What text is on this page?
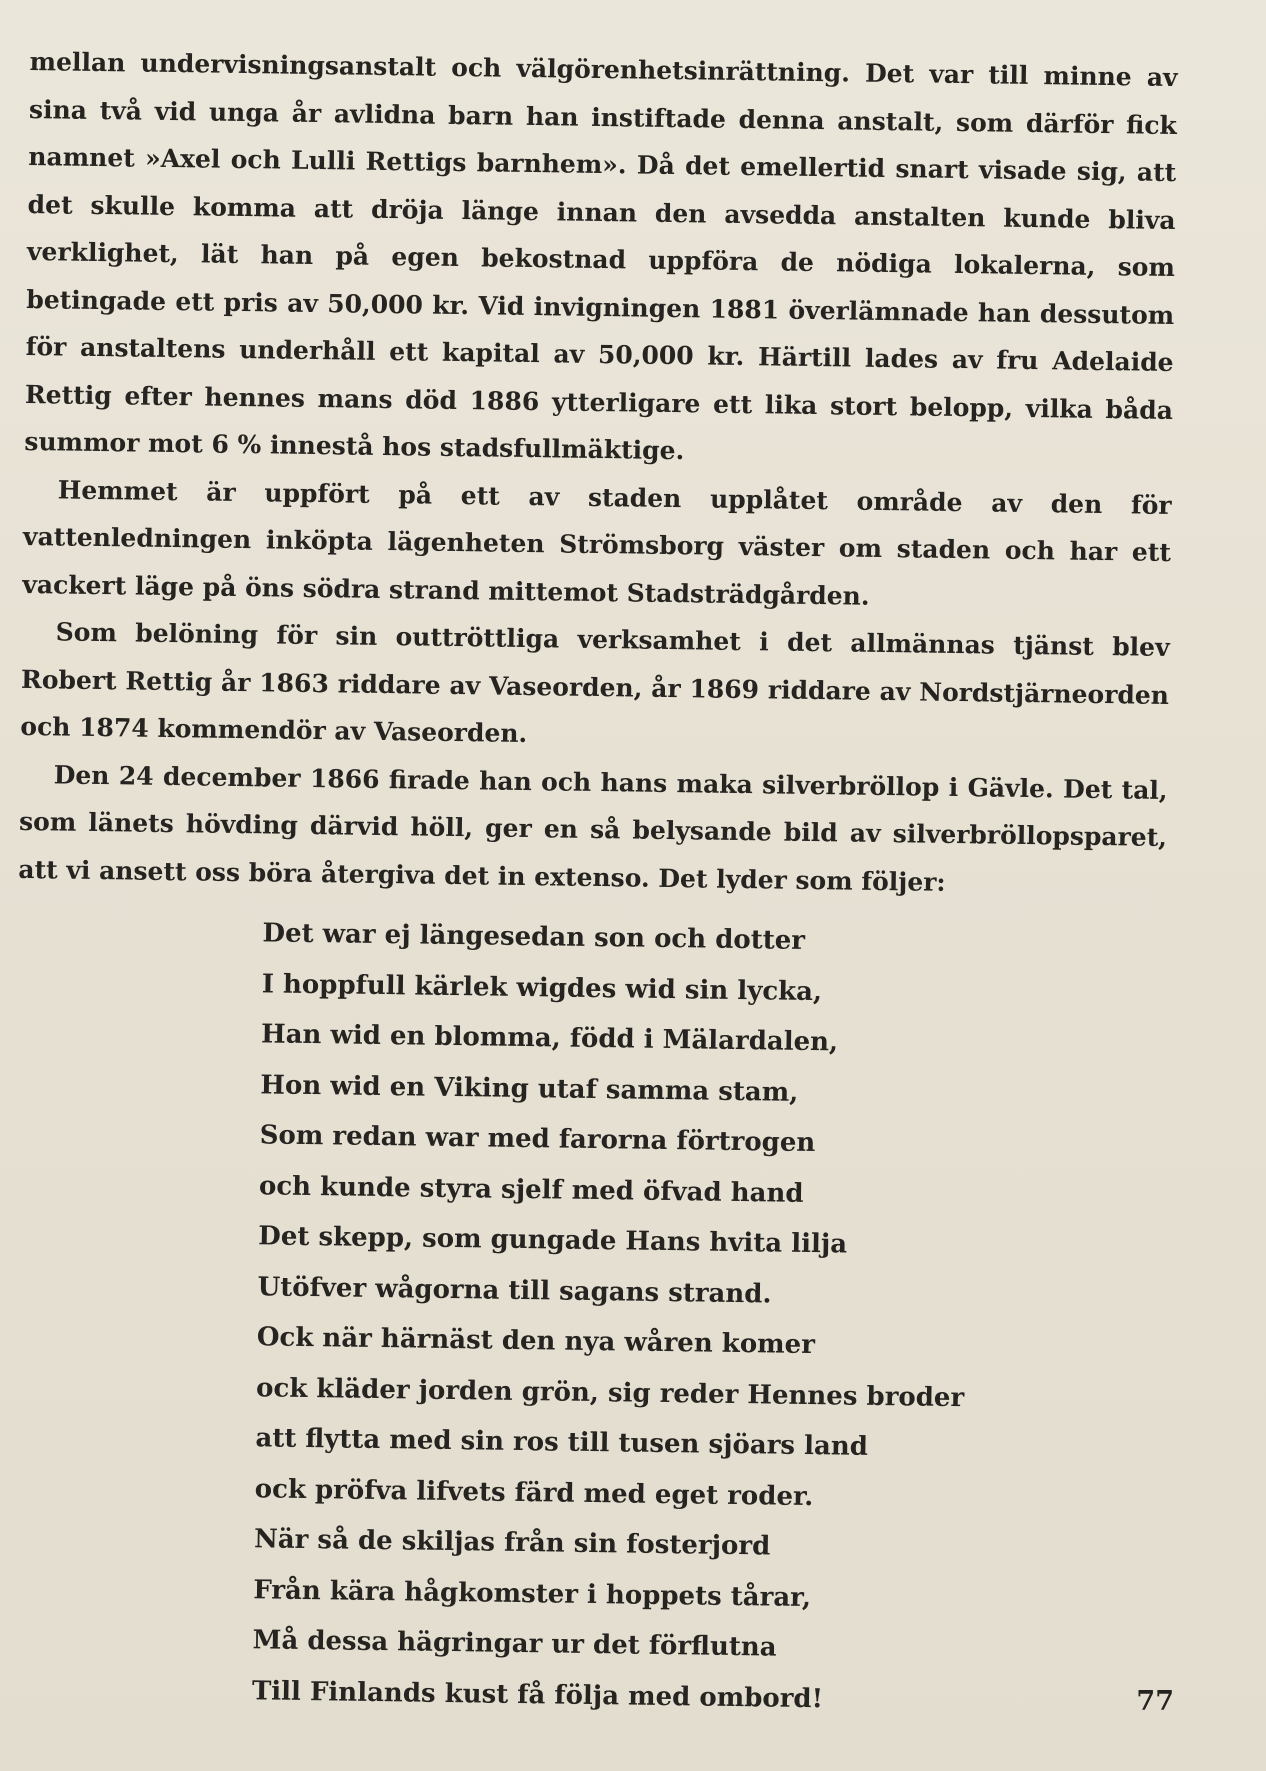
mellan undervisningsanstalt och välgörenhetsinrättning. Det var till minne av sina två vid unga år avlidna barn han instiftade denna anstalt, som därför fick namnet »Axel och Lulli Rettigs barnhem». Då det emellertid snart visade sig, att det skulle komma att dröja länge innan den avsedda anstalten kunde bliva verklighet, lät han på egen bekostnad uppföra de nödiga lokalerna, som betingade ett pris av 50,000 kr. Vid invigningen 1881 överlämnade han dessutom för anstaltens underhåll ett kapital av 50,000 kr. Härtill lades av fru Adelaide Rettig efter hennes mans död 1886 ytterligare ett lika stort belopp, vilka båda summor mot 6 % innestå hos stadsfullmäktige.

Hemmet är uppfört på ett av staden upplåtet område av den för vattenledningen inköpta lägenheten Strömsborg väster om staden och har ett vackert läge på öns södra strand mittemot Stadsträdgården.

Som belöning för sin outtröttliga verksamhet i det allmännas tjänst blev Robert Rettig år 1863 riddare av Vaseorden, år 1869 riddare av Nordstjärneorden och 1874 kommendör av Vaseorden.

Den 24 december 1866 firade han och hans maka silverbröllop i Gävle. Det tal, som länets hövding därvid höll, ger en så belysande bild av silverbröllopsparet, att vi ansett oss böra återgiva det in extenso. Det lyder som följer:

Det war ej längesedan son och dotter
I hoppfull kärlek wigdes wid sin lycka,
Han wid en blomma, född i Mälardalen,
Hon wid en Viking utaf samma stam,
Som redan war med farorna förtrogen
och kunde styra sjelf med öfvad hand
Det skepp, som gungade Hans hvita lilja
Utöfver wågorna till sagans strand.
Ock när härnäst den nya wåren komer
ock kläder jorden grön, sig reder Hennes broder
att flytta med sin ros till tusen sjöars land
ock pröfva lifvets färd med eget roder.
När så de skiljas från sin fosterjord
Från kära hågkomster i hoppets tårar,
Må dessa hägringar ur det förflutna
Till Finlands kust få följa med ombord!	77
